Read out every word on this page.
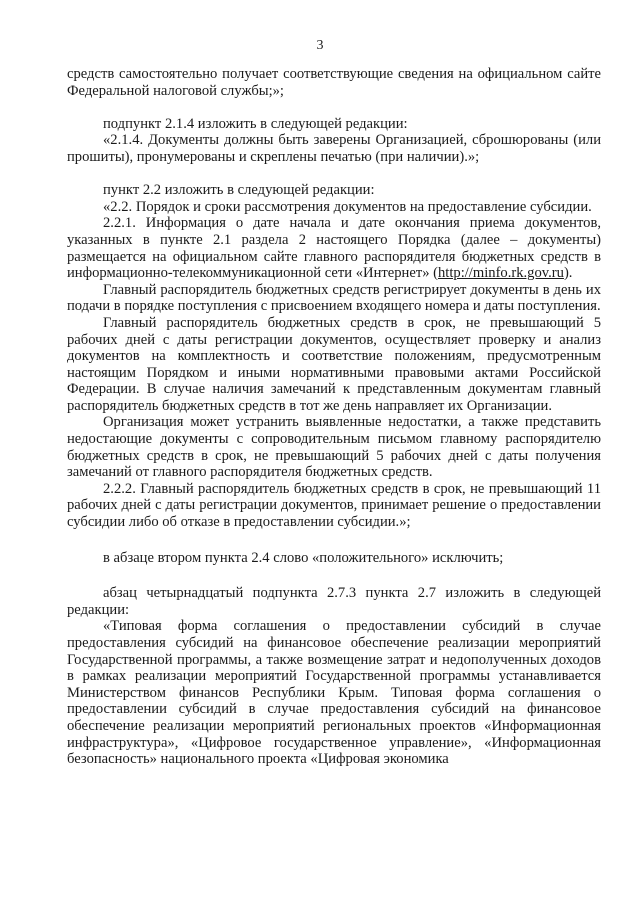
3

средств самостоятельно получает соответствующие сведения на официальном сайте Федеральной налоговой службы;»;

подпункт 2.1.4 изложить в следующей редакции:

«2.1.4. Документы должны быть заверены Организацией, сброшюрованы (или прошиты), пронумерованы и скреплены печатью (при наличии).»;

пункт 2.2 изложить в следующей редакции:

«2.2. Порядок и сроки рассмотрения документов на предоставление субсидии.

2.2.1. Информация о дате начала и дате окончания приема документов, указанных в пункте 2.1 раздела 2 настоящего Порядка (далее – документы) размещается на официальном сайте главного распорядителя бюджетных средств в информационно-телекоммуникационной сети «Интернет» (http://minfo.rk.gov.ru).

Главный распорядитель бюджетных средств регистрирует документы в день их подачи в порядке поступления с присвоением входящего номера и даты поступления.

Главный распорядитель бюджетных средств в срок, не превышающий 5 рабочих дней с даты регистрации документов, осуществляет проверку и анализ документов на комплектность и соответствие положениям, предусмотренным настоящим Порядком и иными нормативными правовыми актами Российской Федерации. В случае наличия замечаний к представленным документам главный распорядитель бюджетных средств в тот же день направляет их Организации.

Организация может устранить выявленные недостатки, а также представить недостающие документы с сопроводительным письмом главному распорядителю бюджетных средств в срок, не превышающий 5 рабочих дней с даты получения замечаний от главного распорядителя бюджетных средств.

2.2.2. Главный распорядитель бюджетных средств в срок, не превышающий 11 рабочих дней с даты регистрации документов, принимает решение о предоставлении субсидии либо об отказе в предоставлении субсидии.»;

в абзаце втором пункта 2.4 слово «положительного» исключить;

абзац четырнадцатый подпункта 2.7.3 пункта 2.7 изложить в следующей редакции:

«Типовая форма соглашения о предоставлении субсидий в случае предоставления субсидий на финансовое обеспечение реализации мероприятий Государственной программы, а также возмещение затрат и недополученных доходов в рамках реализации мероприятий Государственной программы устанавливается Министерством финансов Республики Крым. Типовая форма соглашения о предоставлении субсидий в случае предоставления субсидий на финансовое обеспечение реализации мероприятий региональных проектов «Информационная инфраструктура», «Цифровое государственное управление», «Информационная безопасность» национального проекта «Цифровая экономика
